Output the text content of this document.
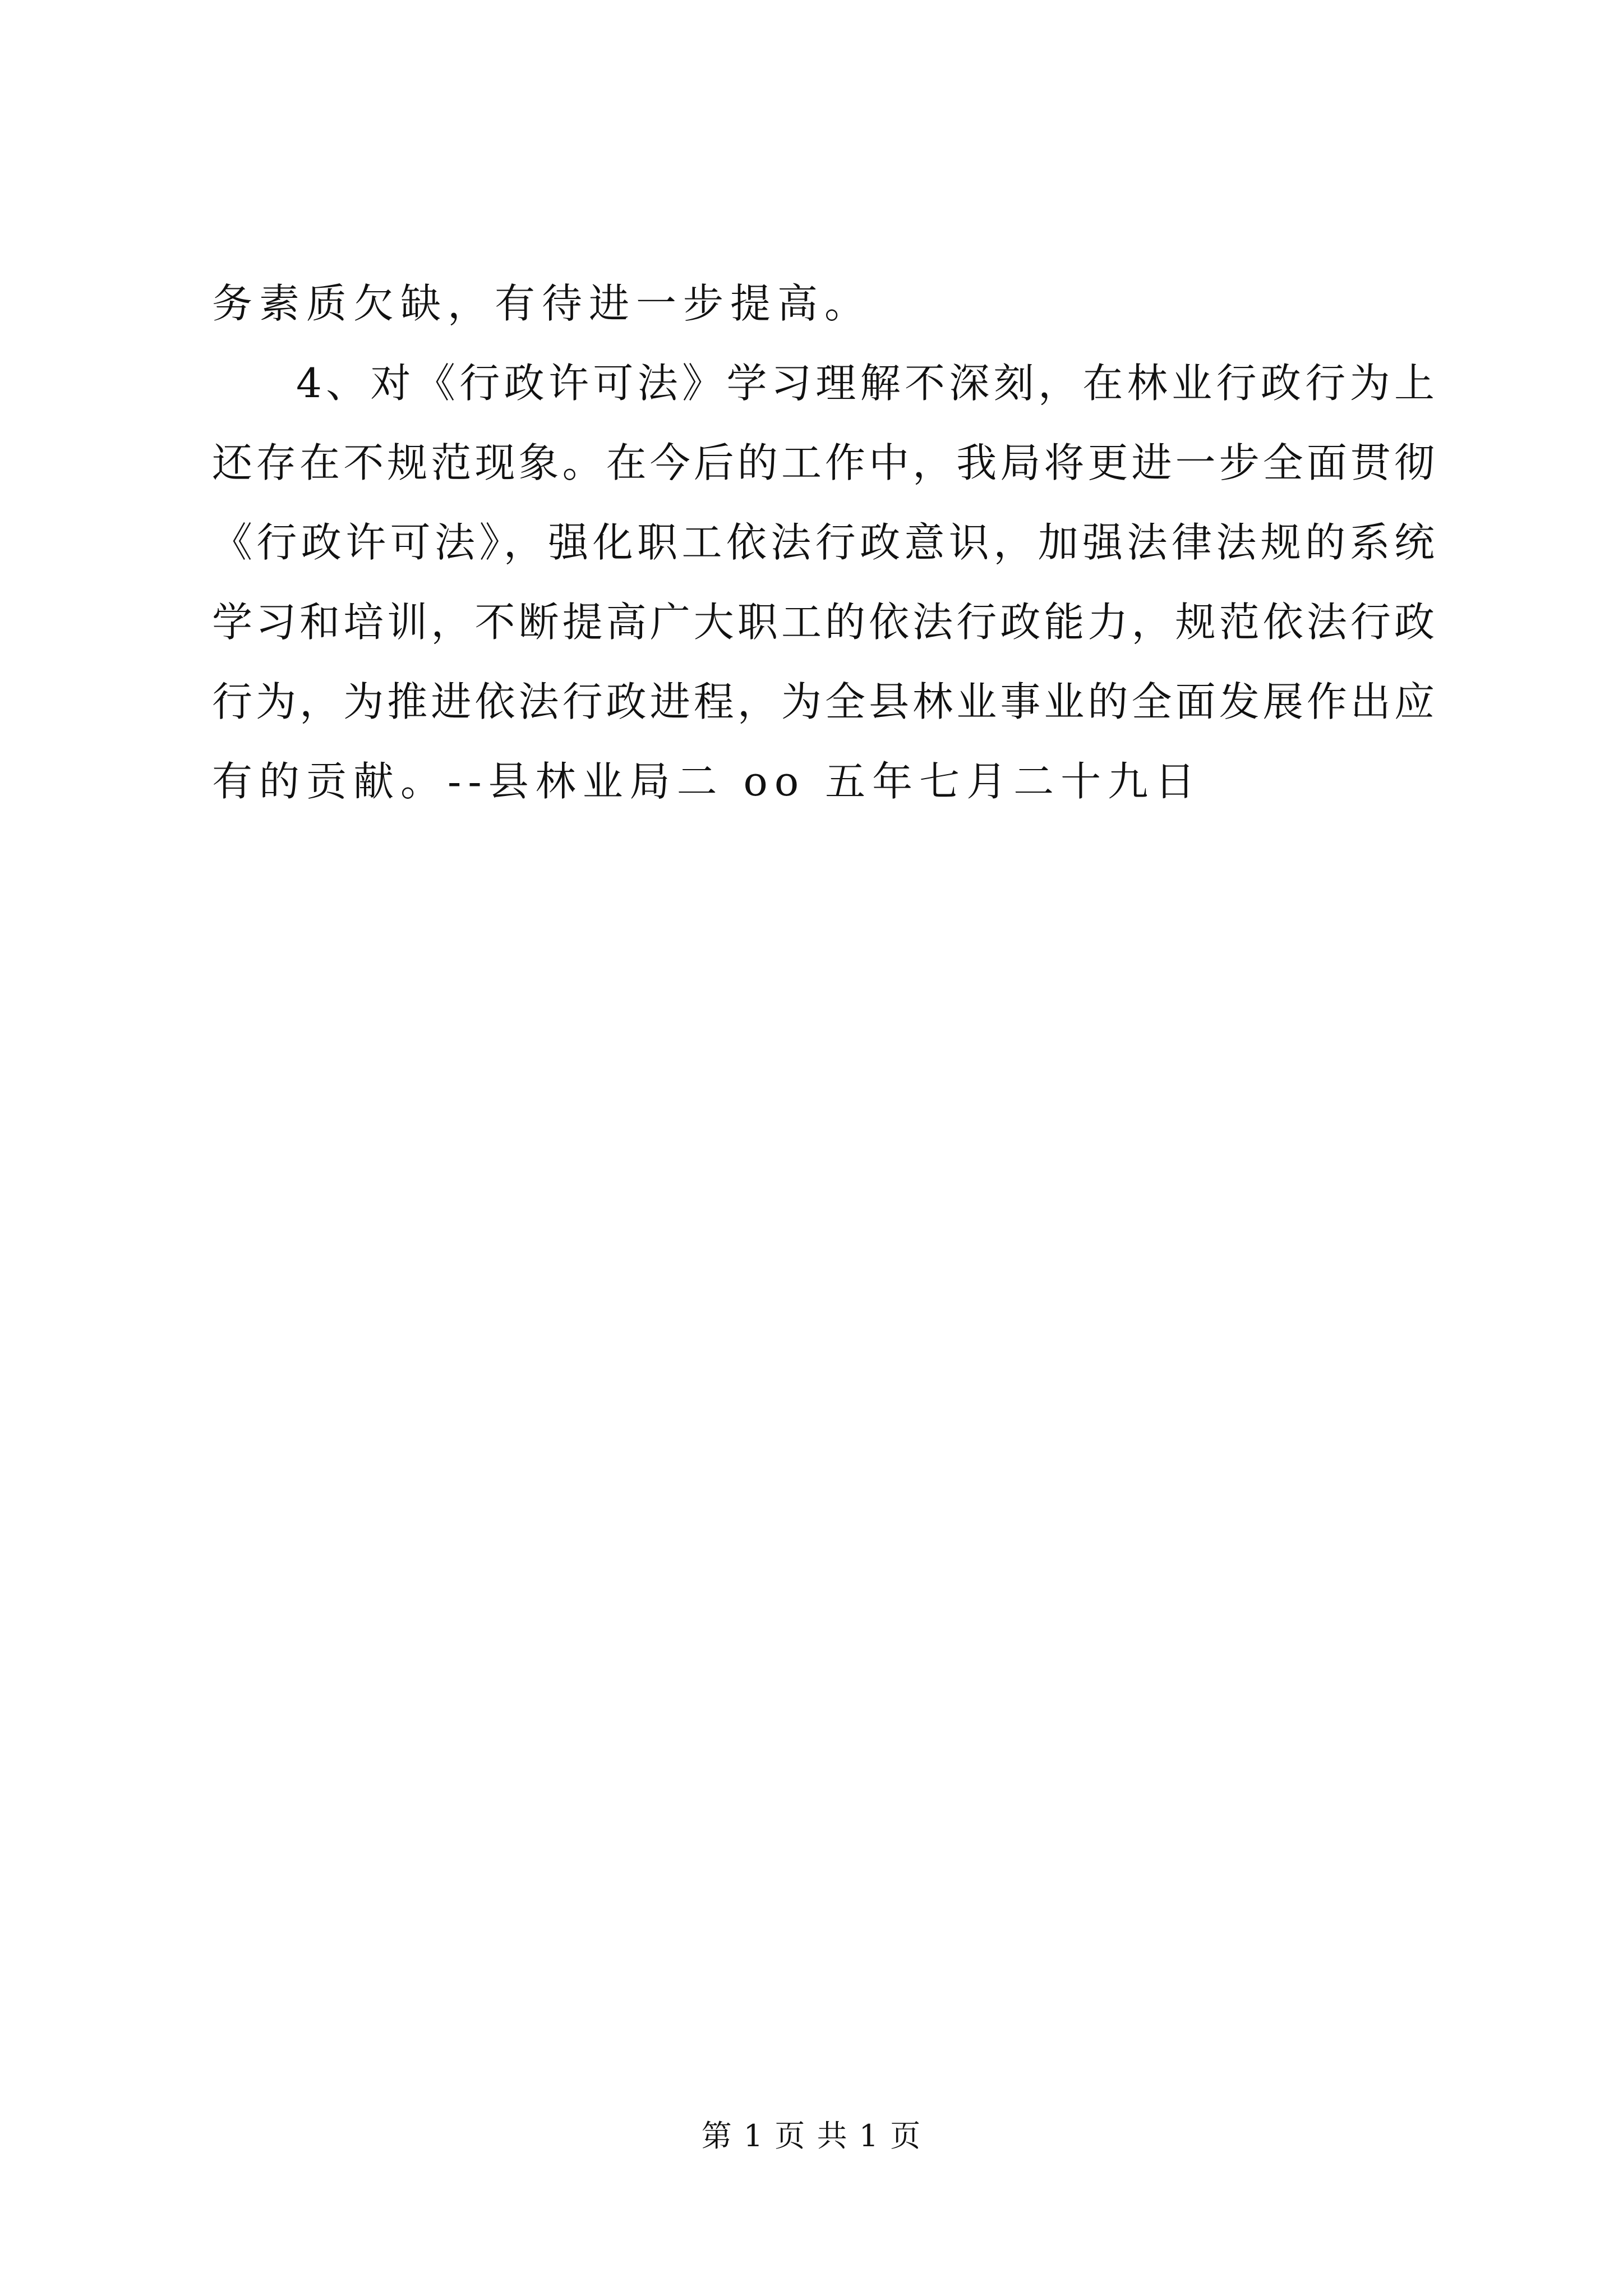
务素质欠缺，有待进一步提高。
4、对《行政许可法》学习理解不深刻，在林业行政行为上
还存在不规范现象。在今后的工作中，我局将更进一步全面贯彻
《行政许可法》，强化职工依法行政意识，加强法律法规的系统
学习和培训，不断提高广大职工的依法行政能力，规范依法行政
行为，为推进依法行政进程，为全县林业事业的全面发展作出应
有的贡献。--县林业局二 oo 五年七月二十九日
第 1 页 共 1 页
